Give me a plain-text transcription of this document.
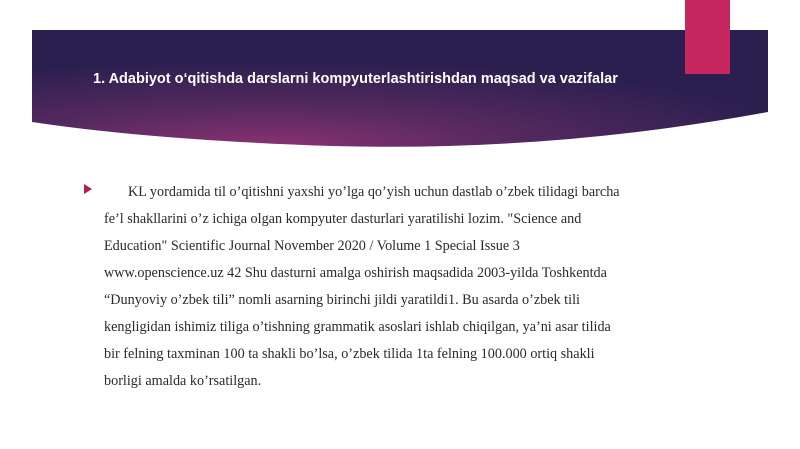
1. Adabiyot o‘qitishda darslarni kompyuterlashtirishdan maqsad va vazifalar
KL yordamida til o’qitishni yaxshi yo’lga qo’yish uchun dastlab o’zbek tilidagi barcha
fe’l shakllarini o’z ichiga olgan kompyuter dasturlari yaratilishi lozim. "Science and
Education" Scientific Journal November 2020 / Volume 1 Special Issue 3
www.openscience.uz 42 Shu dasturni amalga oshirish maqsadida 2003-yilda Toshkentda
“Dunyoviy o’zbek tili” nomli asarning birinchi jildi yaratildi1. Bu asarda o’zbek tili
kengligidan ishimiz tiliga o’tishning grammatik asoslari ishlab chiqilgan, ya’ni asar tilida
bir felning taxminan 100 ta shakli bo’lsa, o’zbek tilida 1ta felning 100.000 ortiq shakli
borligi amalda ko’rsatilgan.
